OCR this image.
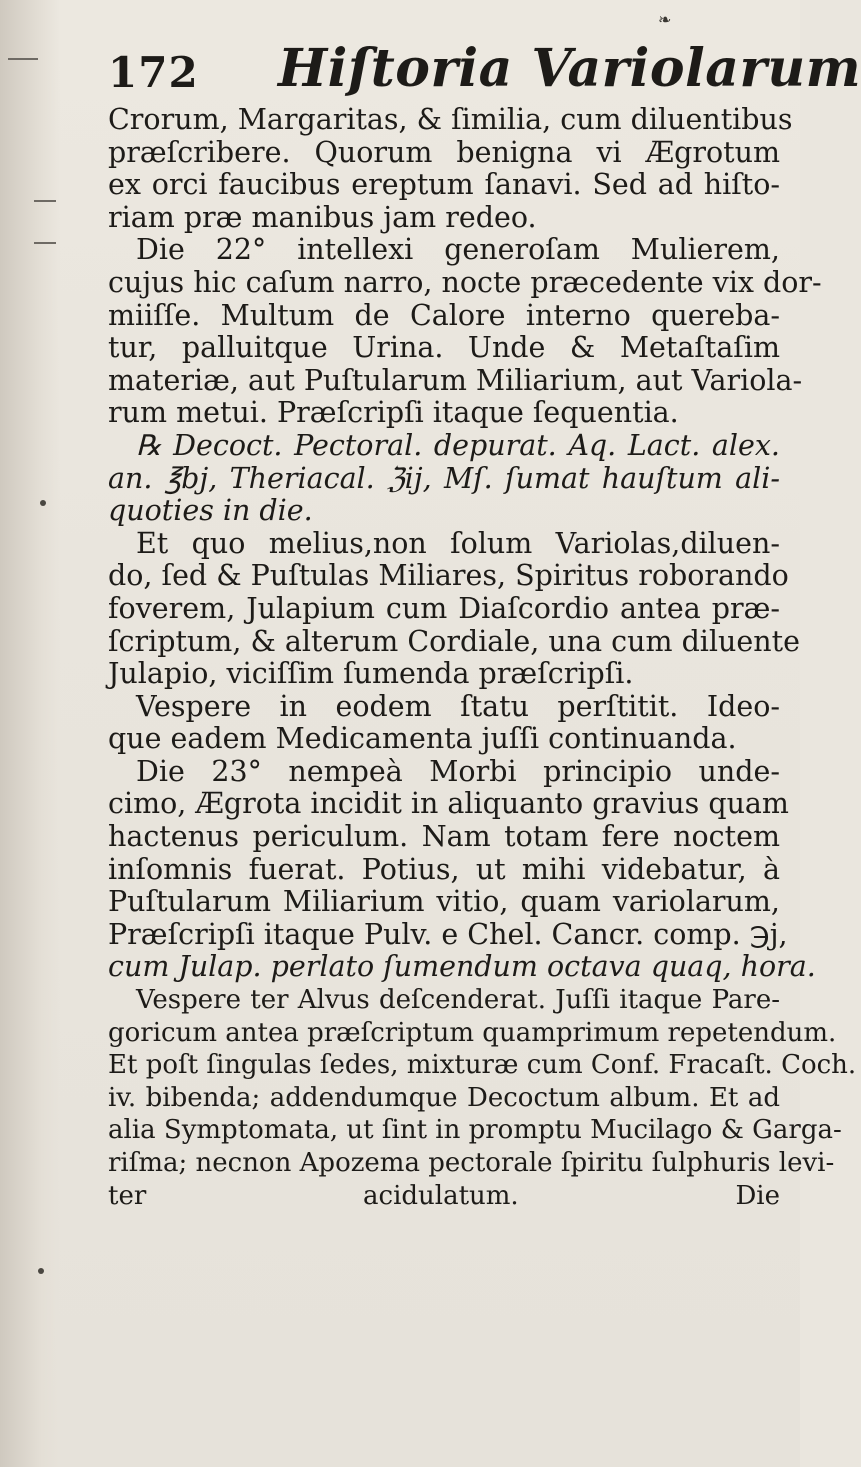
❧
172 Hiſtoria Variolarum
Crorum, Margaritas, & ſimilia, cum diluentibus
præſcribere. Quorum benigna vi Ægrotum
ex orci faucibus ereptum ſanavi. Sed ad hiſto-
riam præ manibus jam redeo.
Die 22° intellexi generoſam Mulierem,
cujus hic caſum narro, nocte præcedente vix dor-
miiſſe. Multum de Calore interno quereba-
tur, palluitque Urina. Unde & Metaſtaſim
materiæ, aut Puſtularum Miliarium, aut Variola-
rum metui. Præſcripſi itaque ſequentia.
℞ Decoct. Pectoral. depurat. Aq. Lact. alex.
an. ℥bj, Theriacal. ℨij, Mſ. ſumat hauſtum ali-
quoties in die.
Et quo melius,non ſolum Variolas,diluen-
do, ſed & Puſtulas Miliares, Spiritus roborando
foverem, Julapium cum Diaſcordio antea præ-
ſcriptum, & alterum Cordiale, una cum diluente
Julapio, viciſſim ſumenda præſcripſi.
Vespere in eodem ſtatu perſtitit. Ideo-
que eadem Medicamenta juſſi continuanda.
Die 23° nempeà Morbi principio unde-
cimo, Ægrota incidit in aliquanto gravius quam
hactenus periculum. Nam totam fere noctem
inſomnis fuerat. Potius, ut mihi videbatur, à
Puſtularum Miliarium vitio, quam variolarum,
Præſcripſi itaque Pulv. e Chel. Cancr. comp. ℈j,
cum Julap. perlato ſumendum octava quaq, hora.
Vespere ter Alvus deſcenderat. Juſſi itaque Pare-
goricum antea præſcriptum quamprimum repetendum.
Et poſt ſingulas ſedes, mixturæ cum Conf. Fracaſt. Coch.
iv. bibenda; addendumque Decoctum album. Et ad
alia Symptomata, ut ſint in promptu Mucilago & Garga-
riſma; necnon Apozema pectorale ſpiritu ſulphuris levi-
ter acidulatum. Die
